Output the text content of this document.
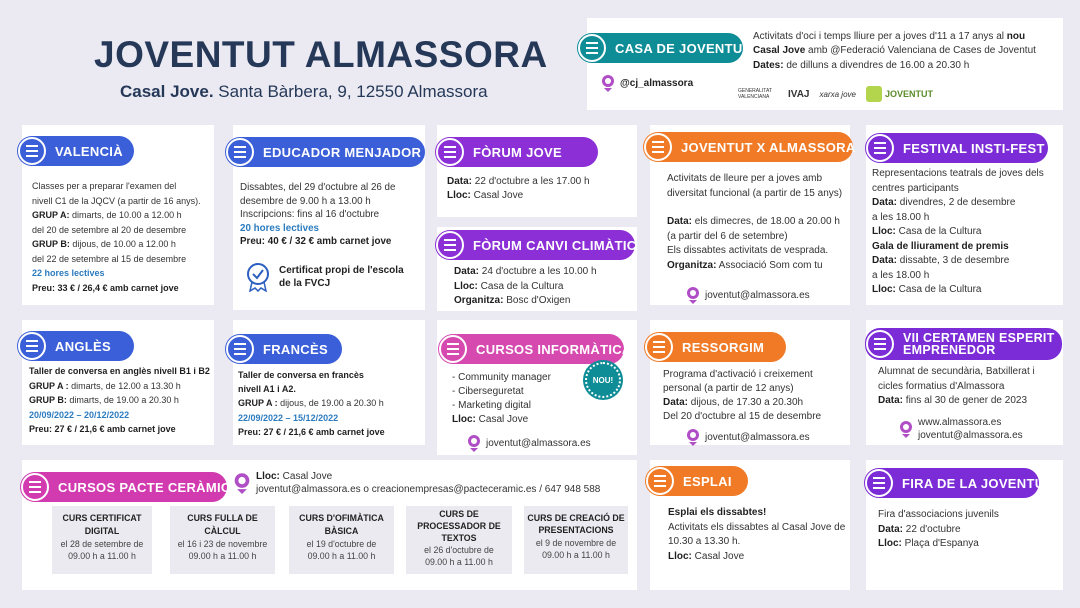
JOVENTUT ALMASSORA
Casal Jove. Santa Bàrbera, 9, 12550 Almassora
CASA DE JOVENTUT
@cj_almassora

Activitats d'oci i temps lliure per a joves d'11 a 17 anys al nou

Casal Jove amb @Federació Valenciana de Cases de Joventut

Dates: de dilluns a divendres de 16.00 a 20.30 h

GENERALITAT VALENCIANA	IVAJ xarxa jove	JOVENTUT
VALENCIÀ

Classes per a preparar l'examen del

nivell C1 de la JQCV (a partir de 16 anys).

GRUP A: dimarts, de 10.00 a 12.00 h

del 20 de setembre al 20 de desembre

GRUP B: dijous, de 10.00 a 12.00 h

del 22 de setembre al 15 de desembre

22 hores lectives

Preu: 33 € / 26,4 € amb carnet jove

EDUCADOR MENJADOR

Dissabtes, del 29 d'octubre al 26 de

desembre de 9.00 h a 13.00 h

Inscripcions: fins al 16 d'octubre

20 hores lectives

Preu: 40 € / 32 € amb carnet jove

Certificat propi de l'escola

de la FVCJ

FÒRUM JOVE

Data: 22 d'octubre a les 17.00 h

Lloc: Casal Jove

FÒRUM CANVI CLIMÀTIC

Data: 24 d'octubre a les 10.00 h

Lloc: Casa de la Cultura

Organitza: Bosc d'Oxigen

JOVENTUT X ALMASSORA

Activitats de lleure per a joves amb

diversitat funcional (a partir de 15 anys)

Data: els dimecres, de 18.00 a 20.00 h

(a partir del 6 de setembre)

Els dissabtes activitats de vesprada.

Organitza: Associació Som com tu

joventut@almassora.es
FESTIVAL INSTI-FEST

Representacions teatrals de joves dels

centres participants

Data: divendres, 2 de desembre

a les 18.00 h

Lloc: Casa de la Cultura

Gala de lliurament de premis

Data: dissabte, 3 de desembre

a les 18.00 h

Lloc: Casa de la Cultura

ANGLÈS

Taller de conversa en anglès nivell B1 i B2

GRUP A : dimarts, de 12.00 a 13.30 h

GRUP B: dimarts, de 19.00 a 20.30 h

20/09/2022 – 20/12/2022

Preu: 27 € / 21,6 € amb carnet jove

FRANCÈS

Taller de conversa en francès

nivell A1 i A2.

GRUP A : dijous, de 19.00 a 20.30 h

22/09/2022 – 15/12/2022

Preu: 27 € / 21,6 € amb carnet jove

CURSOS INFORMÀTICA
NOU!

- Community manager

- Ciberseguretat

- Marketing digital

Lloc: Casal Jove

joventut@almassora.es
RESSORGIM

Programa d'activació i creixement

personal (a partir de 12 anys)

Data: dijous, de 17.30 a 20.30h

Del 20 d'octubre al 15 de desembre

joventut@almassora.es
VII CERTAMEN ESPERIT
EMPRENEDOR

Alumnat de secundària, Batxillerat i

cicles formatius d'Almassora

Data: fins al 30 de gener de 2023

www.almassora.es

joventut@almassora.es

CURSOS PACTE CERÀMIC

Lloc: Casal Jove

joventut@almassora.es o creacionempresas@pacteceramic.es / 647 948 588

CURS CERTIFICAT
DIGITAL

el 28 de setembre de

09.00 h a 11.00 h

CURS FULLA DE
CÀLCUL

el 16 i 23 de novembre

09.00 h a 11.00 h

CURS D'OFIMÀTICA
BÀSICA

el 19 d'octubre de

09.00 h a 11.00 h

CURS DE
PROCESSADOR DE
TEXTOS

el 26 d'octubre de

09.00 h a 11.00 h

CURS DE CREACIÓ DE
PRESENTACIONS

el 9 de novembre de

09.00 h a 11.00 h

ESPLAI

Esplai els dissabtes!

Activitats els dissabtes al Casal Jove de

10.30 a 13.30 h.

Lloc: Casal Jove

FIRA DE LA JOVENTUT

Fira d'associacions juvenils

Data: 22 d'octubre

Lloc: Plaça d'Espanya
